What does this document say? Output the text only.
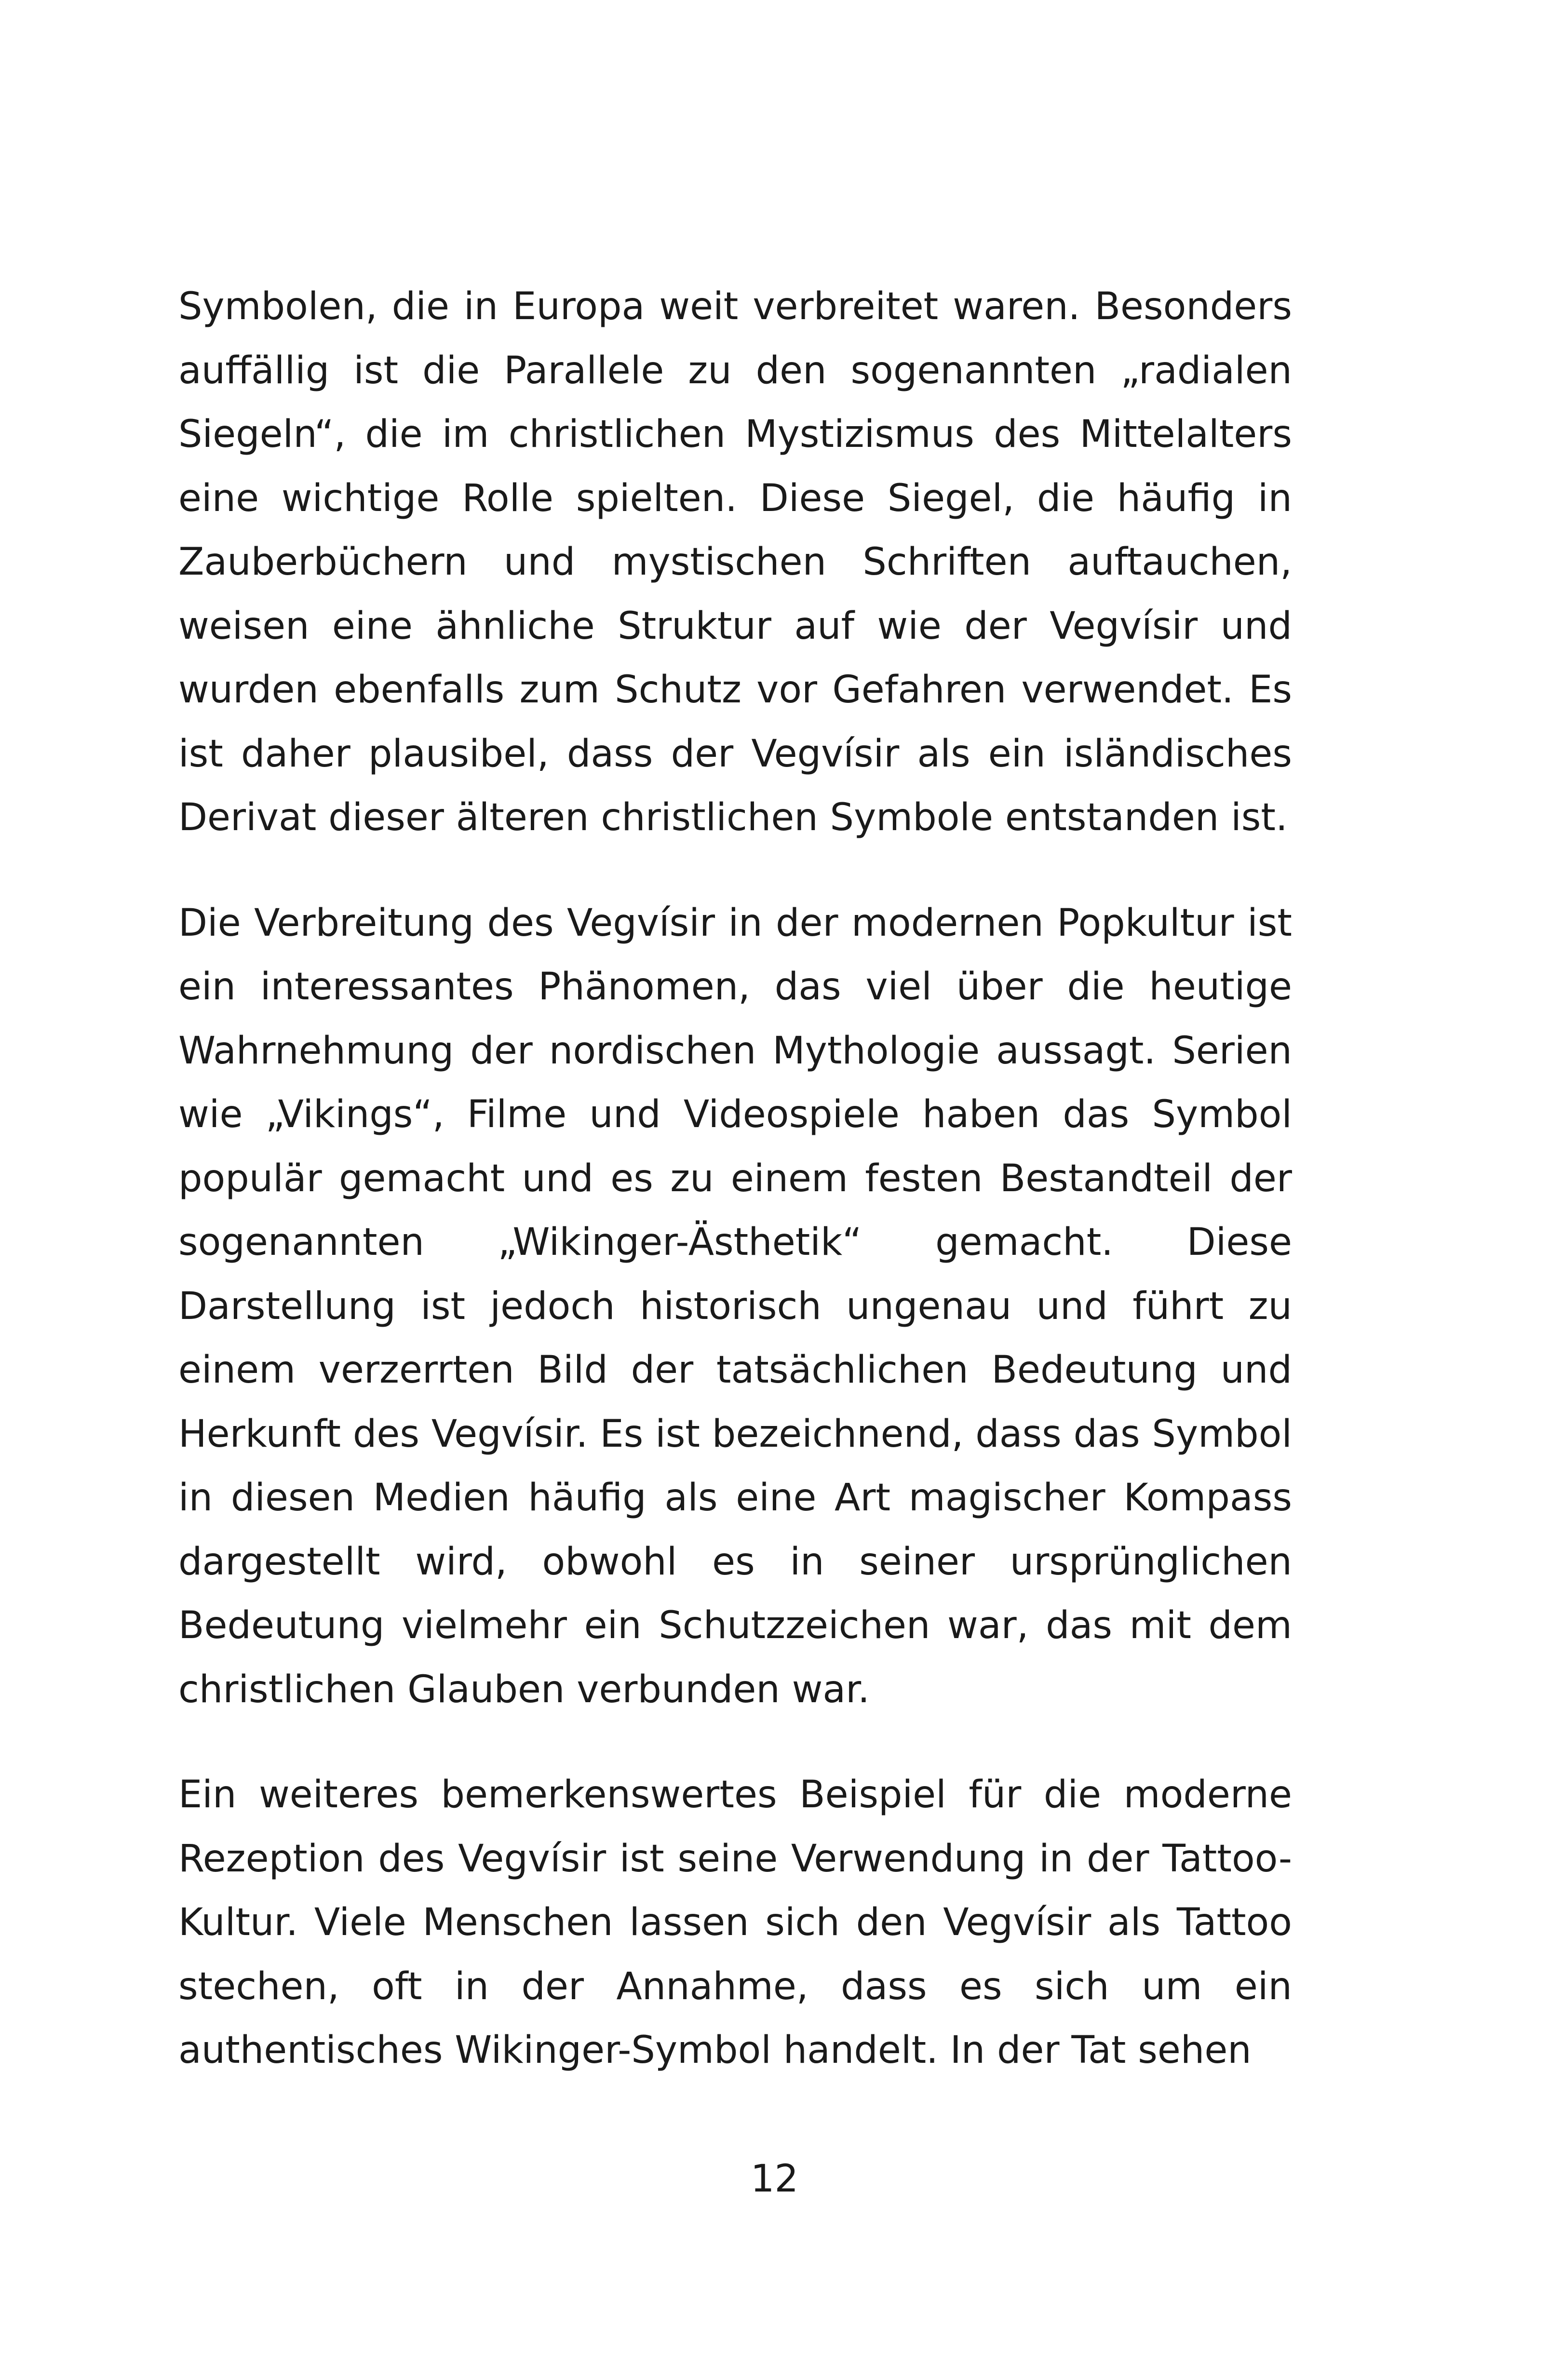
Symbolen, die in Europa weit verbreitet waren. Besonders auffällig ist die Parallele zu den sogenannten „radialen Siegeln“, die im christlichen Mystizismus des Mittelalters eine wichtige Rolle spielten. Diese Siegel, die häufig in Zauberbüchern und mystischen Schriften auftauchen, weisen eine ähnliche Struktur auf wie der Vegvísir und wurden ebenfalls zum Schutz vor Gefahren verwendet. Es ist daher plausibel, dass der Vegvísir als ein isländisches Derivat dieser älteren christlichen Symbole entstanden ist.

Die Verbreitung des Vegvísir in der modernen Popkultur ist ein interessantes Phänomen, das viel über die heutige Wahrnehmung der nordischen Mythologie aussagt. Serien wie „Vikings“, Filme und Videospiele haben das Symbol populär gemacht und es zu einem festen Bestandteil der sogenannten „Wikinger-Ästhetik“ gemacht. Diese Darstellung ist jedoch historisch ungenau und führt zu einem verzerrten Bild der tatsächlichen Bedeutung und Herkunft des Vegvísir. Es ist bezeichnend, dass das Symbol in diesen Medien häufig als eine Art magischer Kompass dargestellt wird, obwohl es in seiner ursprünglichen Bedeutung vielmehr ein Schutzzeichen war, das mit dem christlichen Glauben verbunden war.

Ein weiteres bemerkenswertes Beispiel für die moderne Rezeption des Vegvísir ist seine Verwendung in der Tattoo-Kultur. Viele Menschen lassen sich den Vegvísir als Tattoo stechen, oft in der Annahme, dass es sich um ein authentisches Wikinger-Symbol handelt. In der Tat sehen

12
